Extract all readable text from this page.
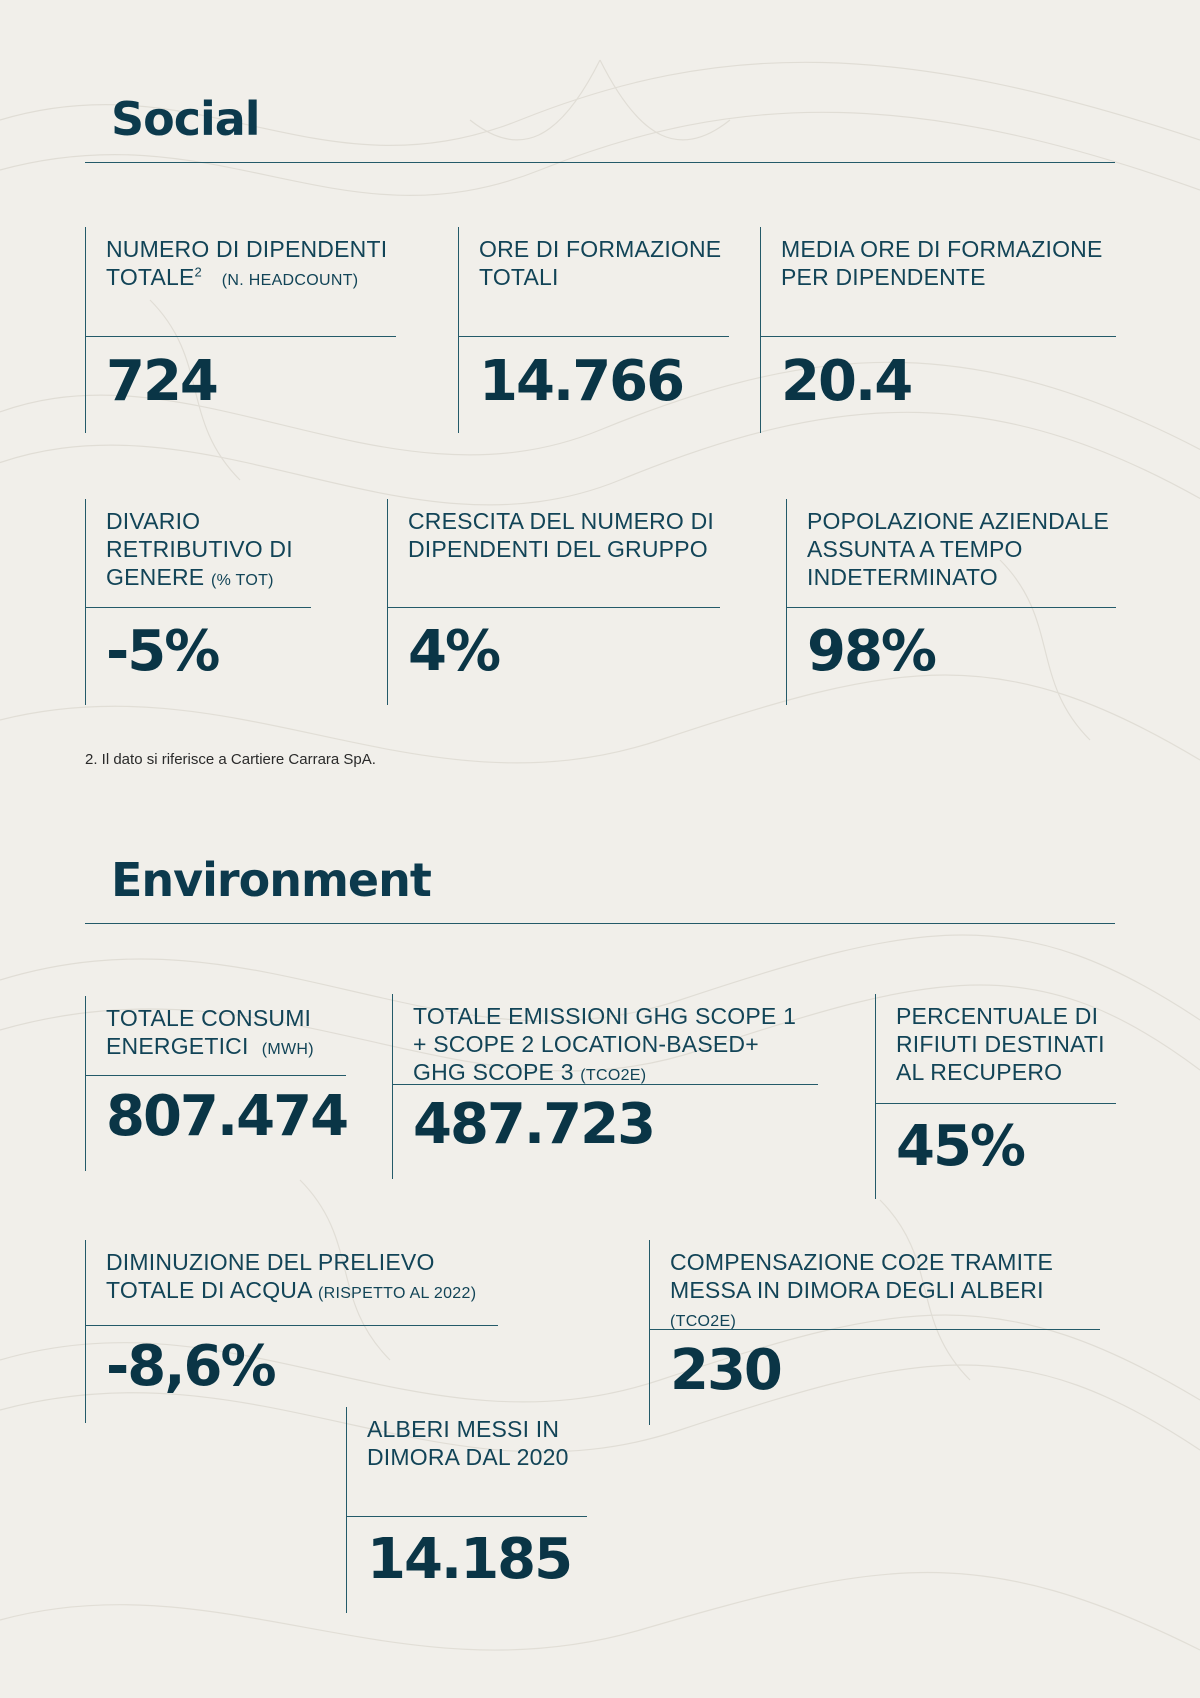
Social
NUMERO DI DIPENDENTI TOTALE$^2$   (N. HEADCOUNT)
724
ORE DI FORMAZIONE TOTALI
14.766
MEDIA ORE DI FORMAZIONE PER DIPENDENTE
20.4
DIVARIO RETRIBUTIVO DI GENERE (% TOT)
-5%
CRESCITA DEL NUMERO DI DIPENDENTI DEL GRUPPO
4%
POPOLAZIONE AZIENDALE ASSUNTA A TEMPO INDETERMINATO
98%
2. Il dato si riferisce a Cartiere Carrara SpA.
Environment
TOTALE CONSUMI ENERGETICI (MWH)
807.474
TOTALE EMISSIONI GHG SCOPE 1 + SCOPE 2 LOCATION-BASED+ GHG SCOPE 3 (TCO2E)
487.723
PERCENTUALE DI RIFIUTI DESTINATI AL RECUPERO
45%
DIMINUZIONE DEL PRELIEVO TOTALE DI ACQUA (RISPETTO AL 2022)
-8,6%
COMPENSAZIONE CO2E TRAMITE MESSA IN DIMORA DEGLI ALBERI (TCO2E)
230
ALBERI MESSI IN DIMORA DAL 2020
14.185
